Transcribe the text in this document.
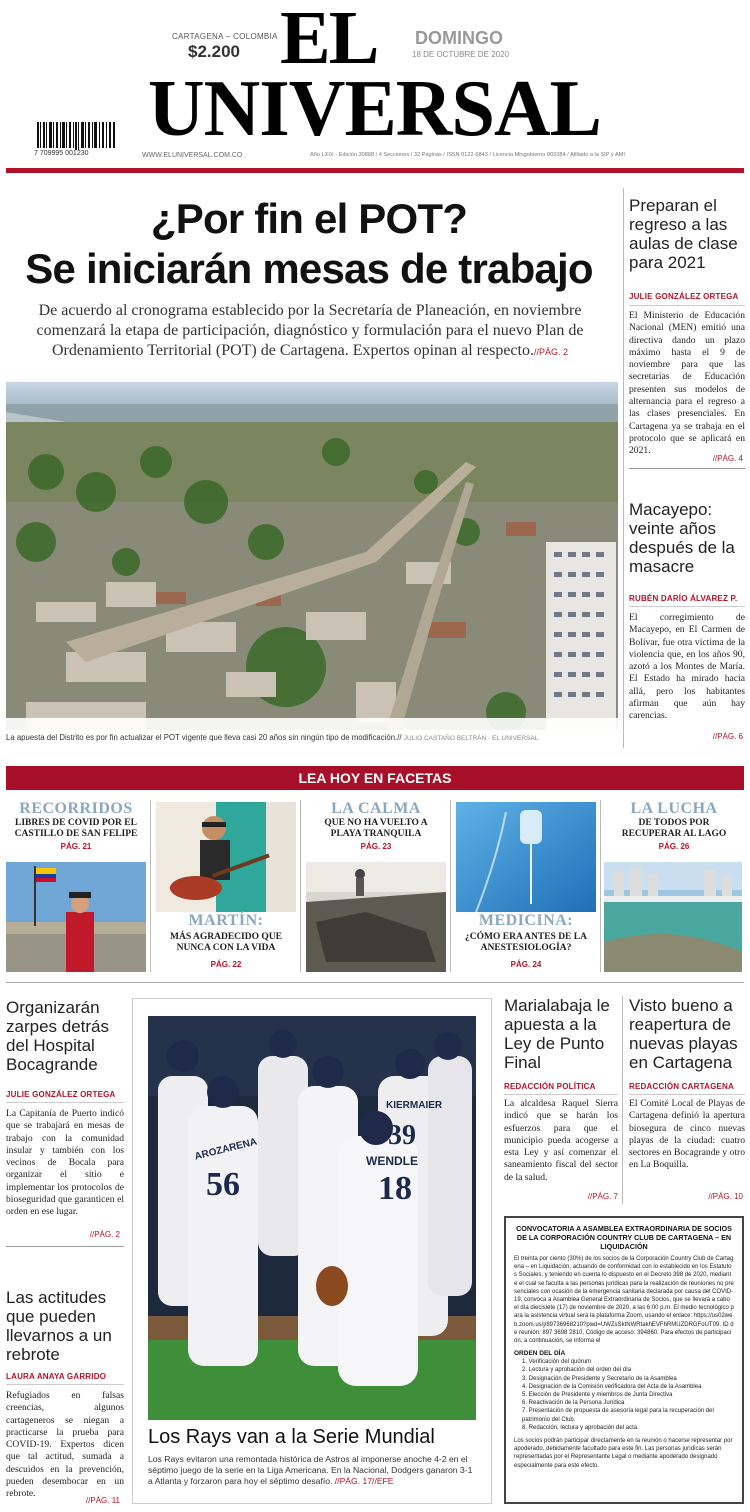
CARTAGENA – COLOMBIA
$2.200 EL
UNIVERSAL
DOMINGO
18 DE OCTUBRE DE 2020
7 709995 001230	WWW.ELUNIVERSAL.COM.CO	Año LXIX - Edición 30888 / 4 Secciones / 32 Páginas / ISSN 0122-6843 / Licencia Mingobierno 003384 / Afiliado a la SIP y AMI
¿Por fin el POT?
Se iniciarán mesas de trabajo
De acuerdo al cronograma establecido por la Secretaría de Planeación, en noviembre comenzará la etapa de participación, diagnóstico y formulación para el nuevo Plan de Ordenamiento Territorial (POT) de Cartagena. Expertos opinan al respecto.//PÁG. 2
La apuesta del Distrito es por fin actualizar el POT vigente que lleva casi 20 años sin ningún tipo de modificación.// JULIO CASTAÑO BELTRÁN - EL UNIVERSAL
Preparan el regreso a las aulas de clase para 2021
JULIE GONZÁLEZ ORTEGA
El Ministerio de Educación Nacional (MEN) emitió una directiva dando un plazo máximo hasta el 9 de noviembre para que las secretarías de Educación presenten sus modelos de alternancia para el regreso a las clases presenciales. En Cartagena ya se trabaja en el protocolo que se aplicará en 2021.
//PÁG. 4
Macayepo: veinte años después de la masacre
RUBÉN DARÍO ÁLVAREZ P.
El corregimiento de Macayepo, en El Carmen de Bolívar, fue otra víctima de la violencia que, en los años 90, azotó a los Montes de María. El Estado ha mirado hacia allá, pero los habitantes afirman que aún hay carencias.
//PÁG. 6
LEA HOY EN FACETAS
RECORRIDOS
LIBRES DE COVID POR EL CASTILLO DE SAN FELIPE
PÁG. 21
MARTÍN:
MÁS AGRADECIDO QUE NUNCA CON LA VIDA
PÁG. 22
LA CALMA
QUE NO HA VUELTO A PLAYA TRANQUILA
PÁG. 23
MEDICINA:
¿CÓMO ERA ANTES DE LA ANESTESIOLOGÍA?
PÁG. 24
LA LUCHA
DE TODOS POR RECUPERAR AL LAGO
PÁG. 26
Organizarán zarpes detrás del Hospital Bocagrande
JULIE GONZÁLEZ ORTEGA
La Capitanía de Puerto indicó que se trabajará en mesas de trabajo con la comunidad insular y también con los vecinos de Bocala para organizar el sitio e implementar los protocolos de bioseguridad que garanticen el orden en ese lugar.
//PÁG. 2
Las actitudes que pueden llevarnos a un rebrote
LAURA ANAYA GARRIDO
Refugiados en falsas creencias, algunos cartageneros se niegan a practicarse la prueba para COVID-19. Expertos dicen que tal actitud, sumada a descuidos en la prevención, pueden desembocar en un rebrote.
//PÁG. 11
56	18
39
WENDLE
KIERMAIER
AROZARENA
Los Rays van a la Serie Mundial
Los Rays evitaron una remontada histórica de Astros al imponerse anoche 4-2 en el séptimo juego de la serie en la Liga Americana. En la Nacional, Dodgers ganaron 3-1 a Atlanta y forzaron para hoy el séptimo desafío. //PÁG. 17//EFE
Marialabaja le apuesta a la Ley de Punto Final
REDACCIÓN POLÍTICA
La alcaldesa Raquel Sierra indicó que se harán los esfuerzos para que el municipio pueda acogerse a esta Ley y así comenzar el saneamiento fiscal del sector de la salud.
//PÁG. 7
Visto bueno a reapertura de nuevas playas en Cartagena
REDACCIÓN CARTAGENA
El Comité Local de Playas de Cartagena definió la apertura biosegura de cinco nuevas playas de la ciudad: cuatro sectores en Bocagrande y otro en La Boquilla.
//PÁG. 10
CONVOCATORIA A ASAMBLEA EXTRAORDINARIA DE SOCIOS DE LA CORPORACIÓN COUNTRY CLUB DE CARTAGENA – EN LIQUIDACIÓN
El treinta por ciento (30%) de los socios de la Corporación Country Club de Cartagena – en Liquidación, actuando de conformidad con lo establecido en los Estatutos Sociales, y teniendo en cuenta lo dispuesto en el Decreto 398 de 2020, mediante el cual se faculta a las personas jurídicas para la realización de reuniones no presenciales con ocasión de la emergencia sanitaria declarada por causa del COVID-19, convoca a Asamblea General Extraordinaria de Socios, que se llevará a cabo el día diecisiete (17) de noviembre de 2020, a las 6:00 p.m. El medio tecnológico para la asistencia virtual será la plataforma Zoom, usando el enlace: https://us02web.zoom.us/j/89736968210?pwd=UWZsSktNWRtakhEVFhRMUZDRGFoUT09, ID de reunión: 897 3698 2810, Código de acceso: 394860. Para efectos de participación, a continuación, se informa el
ORDEN DEL DÍA
1. Verificación del quórum
2. Lectura y aprobación del orden del día
3. Designación de Presidente y Secretario de la Asamblea
4. Designación de la Comisión verificadora del Acta de la Asamblea
5. Elección de Presidente y miembros de Junta Directiva
6. Reactivación de la Persona Jurídica
7. Presentación de propuesta de asesoría legal para la recuperación del patrimonio del Club.
8. Redacción, lectura y aprobación del acta.
Los socios podrán participar directamente en la reunión o hacerse representar por apoderado, debidamente facultado para este fin. Las personas jurídicas serán representadas por el Representante Legal o mediante apoderado designado especialmente para este efecto.
